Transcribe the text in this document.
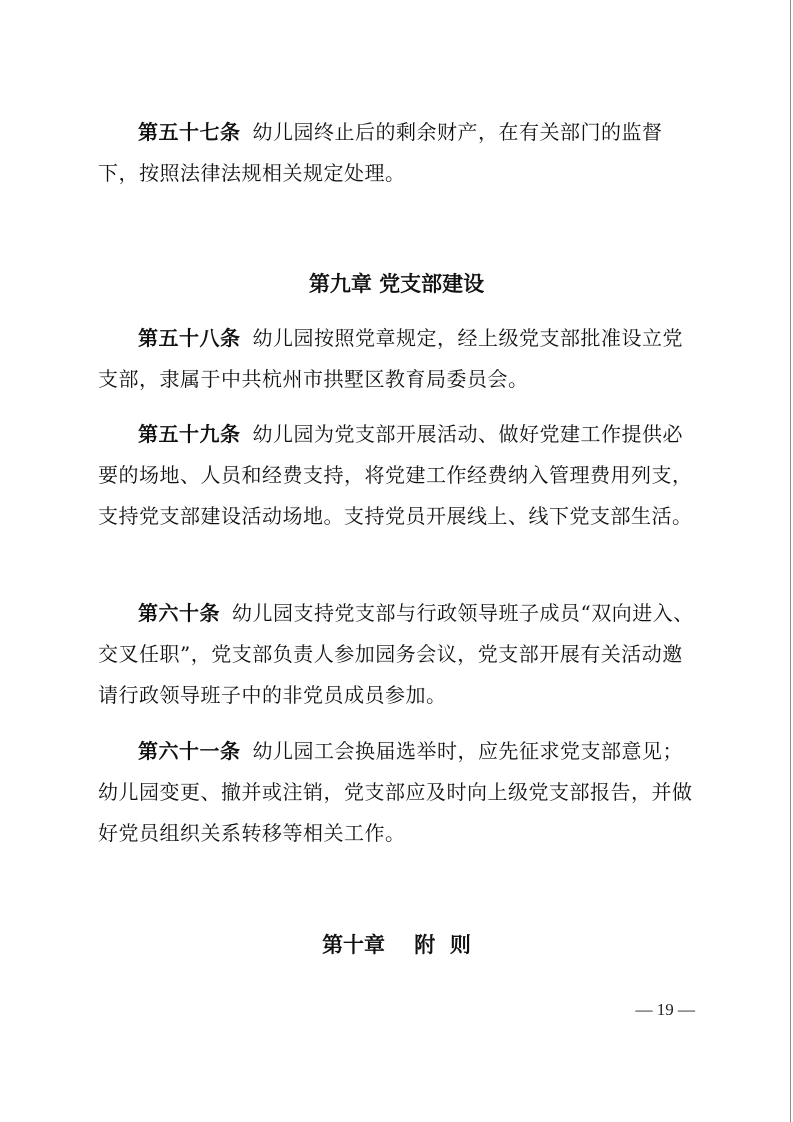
第五十七条 幼儿园终止后的剩余财产，在有关部门的监督下，按照法律法规相关规定处理。

第九章 党支部建设

第五十八条 幼儿园按照党章规定，经上级党支部批准设立党支部，隶属于中共杭州市拱墅区教育局委员会。

第五十九条 幼儿园为党支部开展活动、做好党建工作提供必要的场地、人员和经费支持，将党建工作经费纳入管理费用列支，支持党支部建设活动场地。支持党员开展线上、线下党支部生活。

第六十条 幼儿园支持党支部与行政领导班子成员“双向进入、交叉任职”，党支部负责人参加园务会议，党支部开展有关活动邀请行政领导班子中的非党员成员参加。

第六十一条 幼儿园工会换届选举时，应先征求党支部意见；幼儿园变更、撤并或注销，党支部应及时向上级党支部报告，并做好党员组织关系转移等相关工作。

第十章    附  则
— 19 —
